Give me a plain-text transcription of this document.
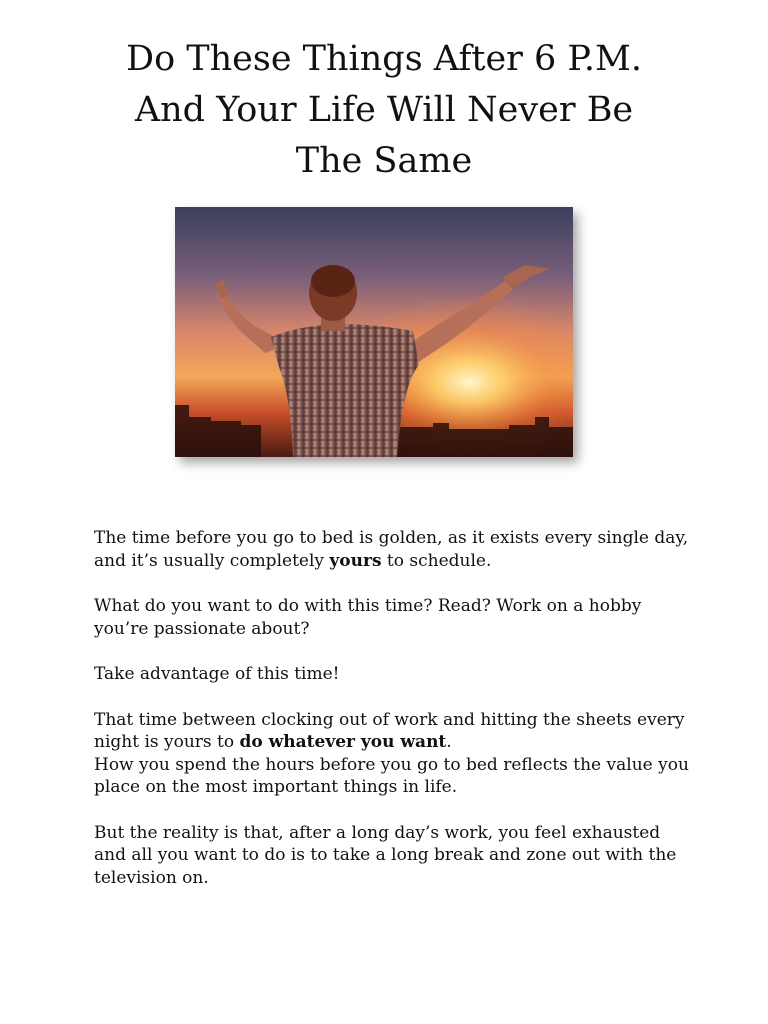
Do These Things After 6 P.M.
And Your Life Will Never Be
The Same

The time before you go to bed is golden, as it exists every single day, and it’s usually completely yours to schedule.

What do you want to do with this time? Read? Work on a hobby you’re passionate about?

Take advantage of this time!

That time between clocking out of work and hitting the sheets every night is yours to do whatever you want.
How you spend the hours before you go to bed reflects the value you place on the most important things in life.

But the reality is that, after a long day’s work, you feel exhausted and all you want to do is to take a long break and zone out with the television on.
